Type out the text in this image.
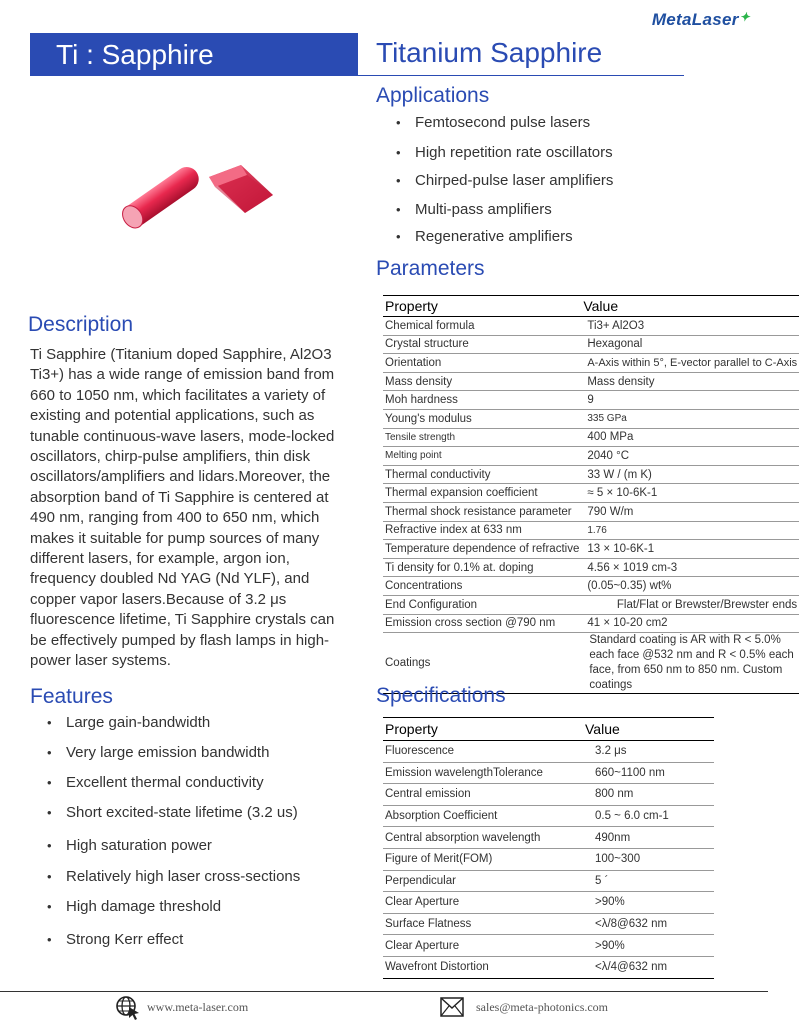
MetaLaser✦
Ti : Sapphire	Titanium Sapphire
Applications
• Femtosecond pulse lasers
• High repetition rate oscillators
• Chirped-pulse laser amplifiers
• Multi-pass amplifiers
• Regenerative amplifiers
Parameters
Property	Value
Chemical formula	Ti3+ Al2O3
Crystal structure	Hexagonal
Orientation	A-Axis within 5°, E-vector parallel to C-Axis
Mass density	Mass density
Moh hardness	9
Young's modulus	335 GPa
Tensile strength	400 MPa
Melting point	2040 °C
Thermal conductivity	33 W / (m K)
Thermal expansion coefficient	≈ 5 × 10-6K-1
Thermal shock resistance parameter	790 W/m
Refractive index at 633 nm	1.76
Temperature dependence of refractive	13 × 10-6K-1
Ti density for 0.1% at. doping	4.56 × 1019 cm-3
Concentrations	(0.05~0.35) wt%
End Configuration	Flat/Flat or Brewster/Brewster ends
Emission cross section @790 nm	41 × 10-20 cm2
Coatings	Standard coating is AR with R < 5.0% each face @532 nm and R < 0.5% each face, from 650 nm to 850 nm. Custom coatings
Description
Ti Sapphire (Titanium doped Sapphire, Al2O3 Ti3+) has a wide range of emission band from 660 to 1050 nm, which facilitates a variety of existing and potential applications, such as tunable continuous-wave lasers, mode-locked oscillators, chirp-pulse amplifiers, thin disk oscillators/amplifiers and lidars.Moreover, the absorption band of Ti Sapphire is centered at 490 nm, ranging from 400 to 650 nm, which makes it suitable for pump sources of many different lasers, for example, argon ion, frequency doubled Nd YAG (Nd YLF), and copper vapor lasers.Because of 3.2 μs fluorescence lifetime, Ti Sapphire crystals can be effectively pumped by flash lamps in high-power laser systems.
Features
• Large gain-bandwidth
• Very large emission bandwidth
• Excellent thermal conductivity
• Short excited-state lifetime (3.2 us)
• High saturation power
• Relatively high laser cross-sections
• High damage threshold
• Strong Kerr effect
Specifications
Property	Value
Fluorescence	3.2 μs
Emission wavelengthTolerance	660~1100 nm
Central emission	800 nm
Absorption Coefficient	0.5 ~ 6.0 cm-1
Central absorption wavelength	490nm
Figure of Merit(FOM)	100~300
Perpendicular	5 ´
Clear Aperture	>90%
Surface Flatness	<λ/8@632 nm
Clear Aperture	>90%
Wavefront Distortion	<λ/4@632 nm
www.meta-laser.com	sales@meta-photonics.com
